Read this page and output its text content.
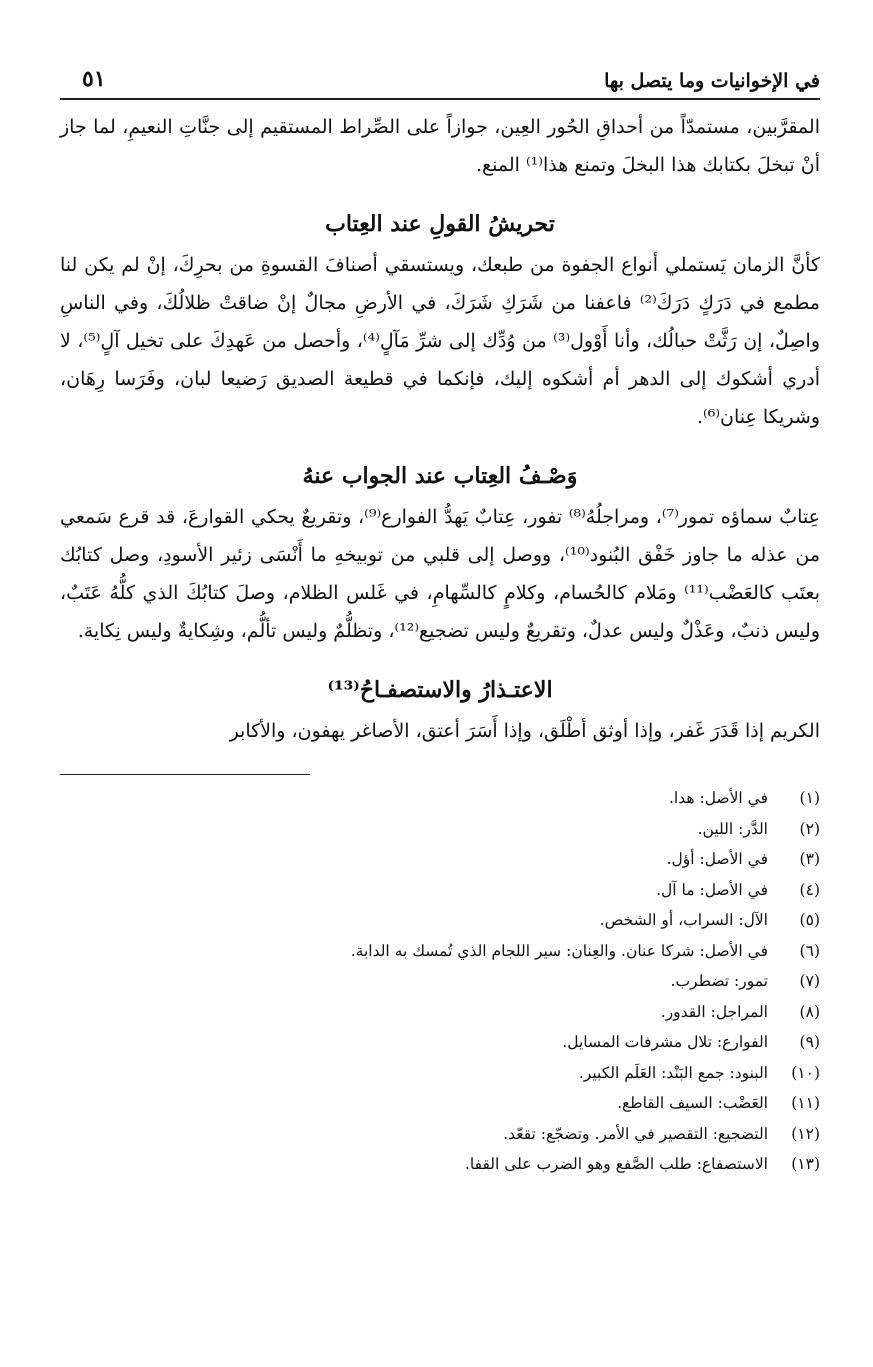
في الإخوانيات وما يتصل بها
٥١

المقرَّبين، مستمدّاً من أحداقِ الحُور العِين، جوازاً على الصِّراط المستقيم إلى جنَّاتِ النعيمِ، لما جاز أنْ تبخلَ بكتابك هذا البخلَ وتمنع هذا⁽¹⁾ المنع.

تحريشُ القولِ عند العِتاب

كأنَّ الزمان يَستملي أنواع الجفوة من طبعك، ويستسقي أصنافَ القسوةِ من بحرِكَ، إنْ لم يكن لنا مطمع في دَرَكٍ دَرَكَ⁽²⁾ فاعفنا من شَرَكِ شَرَكَ، في الأرضِ مجالٌ إنْ ضاقتْ ظلالُكَ، وفي الناسِ واصِلٌ، إن رَثَّتْ حبالُك، وأنا أَوْول⁽³⁾ من وُدِّك إلى شرِّ مَآلٍ⁽⁴⁾، وأحصل من عَهدِكَ على تخيل آلٍ⁽⁵⁾، لا أدري أشكوك إلى الدهر أم أشكوه إليك، فإنكما في قطيعة الصديق رَضيعا لبان، وفَرَسا رِهَان، وشريكا عِنان⁽⁶⁾.

وَصْـفُ العِتاب عند الجواب عنهُ

عِتابٌ سماؤه تمور⁽⁷⁾، ومراجلُهُ⁽⁸⁾ تفور، عِتابٌ يَهدُّ الفوارع⁽⁹⁾، وتقريعٌ يحكي القوارعَ، قد قرع سَمعي من عذله ما جاوز خَفْق البُنود⁽¹⁰⁾، ووصل إلى قلبي من توبيخهِ ما أَنْسَى زئير الأسودِ، وصل كتابُك بعتَب كالعَضْب⁽¹¹⁾ ومَلام كالحُسام، وكلامٍ كالسِّهامِ، في غَلس الظلام، وصلَ كتابُكَ الذي كلُّهُ عَتَبٌ، وليس ذنبٌ، وعَذْلٌ وليس عدلٌ، وتقريعٌ وليس تضجيع⁽¹²⁾، وتظلُّمٌ وليس تألُّم، وشِكايةٌ وليس نِكاية.

الاعتـذارُ والاستصفـاحُ⁽¹³⁾

الكريم إذا قَدَرَ غَفر، وإذا أوثق أطْلَق، وإذا أَسَرَ أعتق، الأصاغر يهفون، والأكابر

(١)
في الأصل: هدا.
(٢)
الدَّر: اللين.
(٣)
في الأصل: أؤل.
(٤)
في الأصل: ما آل.
(٥)
الآل: السراب، أو الشخص.
(٦)
في الأصل: شركا عنان. والعِنان: سير اللجام الذي تُمسك به الدابة.
(٧)
تمور: تضطرب.
(٨)
المراجل: القدور.
(٩)
الفوارع: تلال مشرفات المسايل.
(١٠)
البنود: جمع البَنْد: العَلَم الكبير.
(١١)
العَضْب: السيف القاطع.
(١٢)
التضجيع: التقصير في الأمر. وتضجّع: تقعّد.
(١٣)
الاستصفاع: طلب الصَّفع وهو الضرب على القفا.
